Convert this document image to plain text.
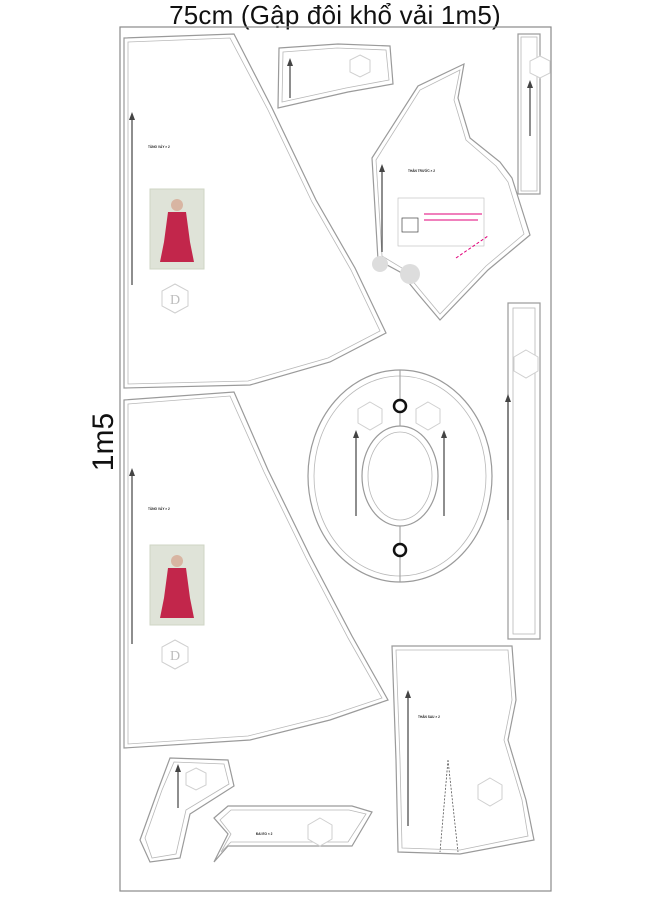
75cm (Gập đôi khổ vải 1m5)
1m5
TÙNG VÁY × 2
D
TÙNG VÁY × 2
D
THÂN TRƯỚC × 2
THÂN SAU × 2
ĐAI EO × 2
